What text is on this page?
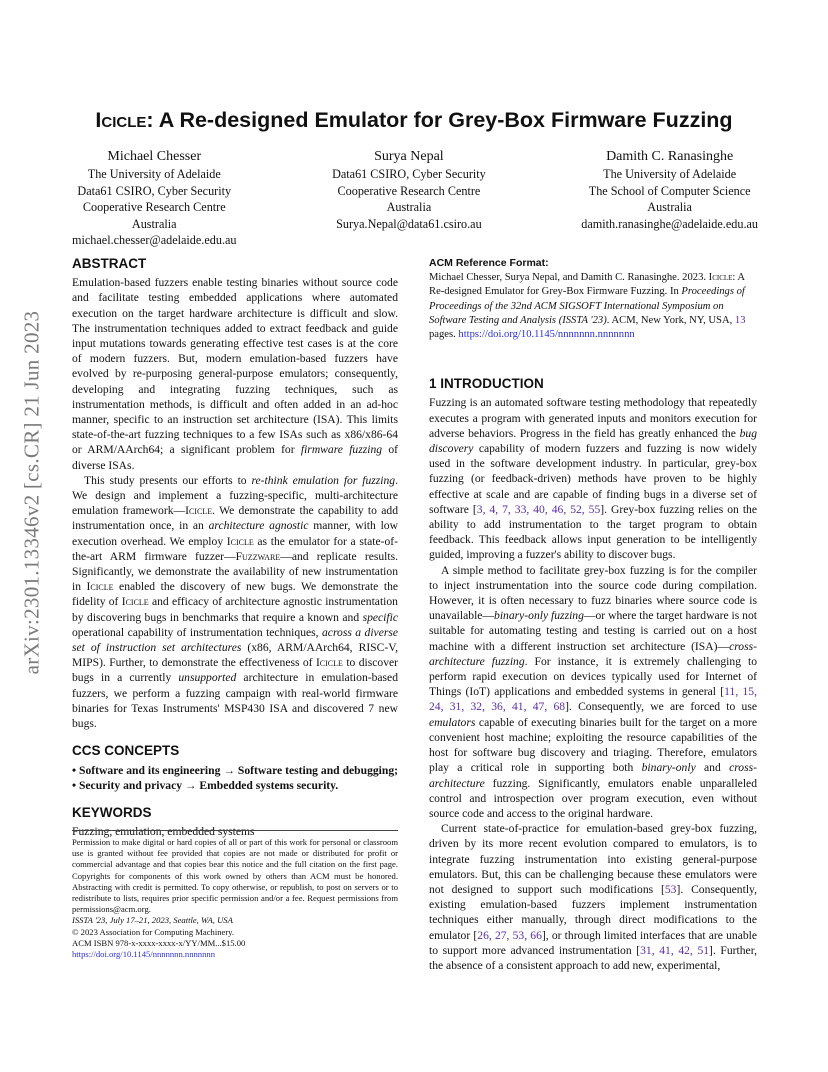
arXiv:2301.13346v2 [cs.CR] 21 Jun 2023
Icicle: A Re-designed Emulator for Grey-Box Firmware Fuzzing
Michael Chesser
The University of Adelaide
Data61 CSIRO, Cyber Security
Cooperative Research Centre
Australia
michael.chesser@adelaide.edu.au
Surya Nepal
Data61 CSIRO, Cyber Security
Cooperative Research Centre
Australia
Surya.Nepal@data61.csiro.au
Damith C. Ranasinghe
The University of Adelaide
The School of Computer Science
Australia
damith.ranasinghe@adelaide.edu.au
ABSTRACT

Emulation-based fuzzers enable testing binaries without source code and facilitate testing embedded applications where automated execution on the target hardware architecture is difficult and slow. The instrumentation techniques added to extract feedback and guide input mutations towards generating effective test cases is at the core of modern fuzzers. But, modern emulation-based fuzzers have evolved by re-purposing general-purpose emulators; consequently, developing and integrating fuzzing techniques, such as instrumentation methods, is difficult and often added in an ad-hoc manner, specific to an instruction set architecture (ISA). This limits state-of-the-art fuzzing techniques to a few ISAs such as x86/x86-64 or ARM/AArch64; a significant problem for firmware fuzzing of diverse ISAs.

This study presents our efforts to re-think emulation for fuzzing. We design and implement a fuzzing-specific, multi-architecture emulation framework—Icicle. We demonstrate the capability to add instrumentation once, in an architecture agnostic manner, with low execution overhead. We employ Icicle as the emulator for a state-of-the-art ARM firmware fuzzer—Fuzzware—and replicate results. Significantly, we demonstrate the availability of new instrumentation in Icicle enabled the discovery of new bugs. We demonstrate the fidelity of Icicle and efficacy of architecture agnostic instrumentation by discovering bugs in benchmarks that require a known and specific operational capability of instrumentation techniques, across a diverse set of instruction set architectures (x86, ARM/AArch64, RISC-V, MIPS). Further, to demonstrate the effectiveness of Icicle to discover bugs in a currently unsupported architecture in emulation-based fuzzers, we perform a fuzzing campaign with real-world firmware binaries for Texas Instruments' MSP430 ISA and discovered 7 new bugs.

CCS CONCEPTS

• Software and its engineering → Software testing and debugging; • Security and privacy → Embedded systems security.

KEYWORDS

Fuzzing, emulation, embedded systems

Permission to make digital or hard copies of all or part of this work for personal or classroom use is granted without fee provided that copies are not made or distributed for profit or commercial advantage and that copies bear this notice and the full citation on the first page. Copyrights for components of this work owned by others than ACM must be honored. Abstracting with credit is permitted. To copy otherwise, or republish, to post on servers or to redistribute to lists, requires prior specific permission and/or a fee. Request permissions from permissions@acm.org.
ISSTA '23, July 17–21, 2023, Seattle, WA, USA
© 2023 Association for Computing Machinery.
ACM ISBN 978-x-xxxx-xxxx-x/YY/MM...$15.00
https://doi.org/10.1145/nnnnnnn.nnnnnnn
ACM Reference Format:

Michael Chesser, Surya Nepal, and Damith C. Ranasinghe. 2023. Icicle: A Re-designed Emulator for Grey-Box Firmware Fuzzing. In Proceedings of Proceedings of the 32nd ACM SIGSOFT International Symposium on Software Testing and Analysis (ISSTA '23). ACM, New York, NY, USA, 13 pages. https://doi.org/10.1145/nnnnnnn.nnnnnnn

1 INTRODUCTION

Fuzzing is an automated software testing methodology that repeatedly executes a program with generated inputs and monitors execution for adverse behaviors. Progress in the field has greatly enhanced the bug discovery capability of modern fuzzers and fuzzing is now widely used in the software development industry. In particular, grey-box fuzzing (or feedback-driven) methods have proven to be highly effective at scale and are capable of finding bugs in a diverse set of software [3, 4, 7, 33, 40, 46, 52, 55]. Grey-box fuzzing relies on the ability to add instrumentation to the target program to obtain feedback. This feedback allows input generation to be intelligently guided, improving a fuzzer's ability to discover bugs.

A simple method to facilitate grey-box fuzzing is for the compiler to inject instrumentation into the source code during compilation. However, it is often necessary to fuzz binaries where source code is unavailable—binary-only fuzzing—or where the target hardware is not suitable for automating testing and testing is carried out on a host machine with a different instruction set architecture (ISA)—cross-architecture fuzzing. For instance, it is extremely challenging to perform rapid execution on devices typically used for Internet of Things (IoT) applications and embedded systems in general [11, 15, 24, 31, 32, 36, 41, 47, 68]. Consequently, we are forced to use emulators capable of executing binaries built for the target on a more convenient host machine; exploiting the resource capabilities of the host for software bug discovery and triaging. Therefore, emulators play a critical role in supporting both binary-only and cross-architecture fuzzing. Significantly, emulators enable unparalleled control and introspection over program execution, even without source code and access to the original hardware.

Current state-of-practice for emulation-based grey-box fuzzing, driven by its more recent evolution compared to emulators, is to integrate fuzzing instrumentation into existing general-purpose emulators. But, this can be challenging because these emulators were not designed to support such modifications [53]. Consequently, existing emulation-based fuzzers implement instrumentation techniques either manually, through direct modifications to the emulator [26, 27, 53, 66], or through limited interfaces that are unable to support more advanced instrumentation [31, 41, 42, 51]. Further, the absence of a consistent approach to add new, experimental,
